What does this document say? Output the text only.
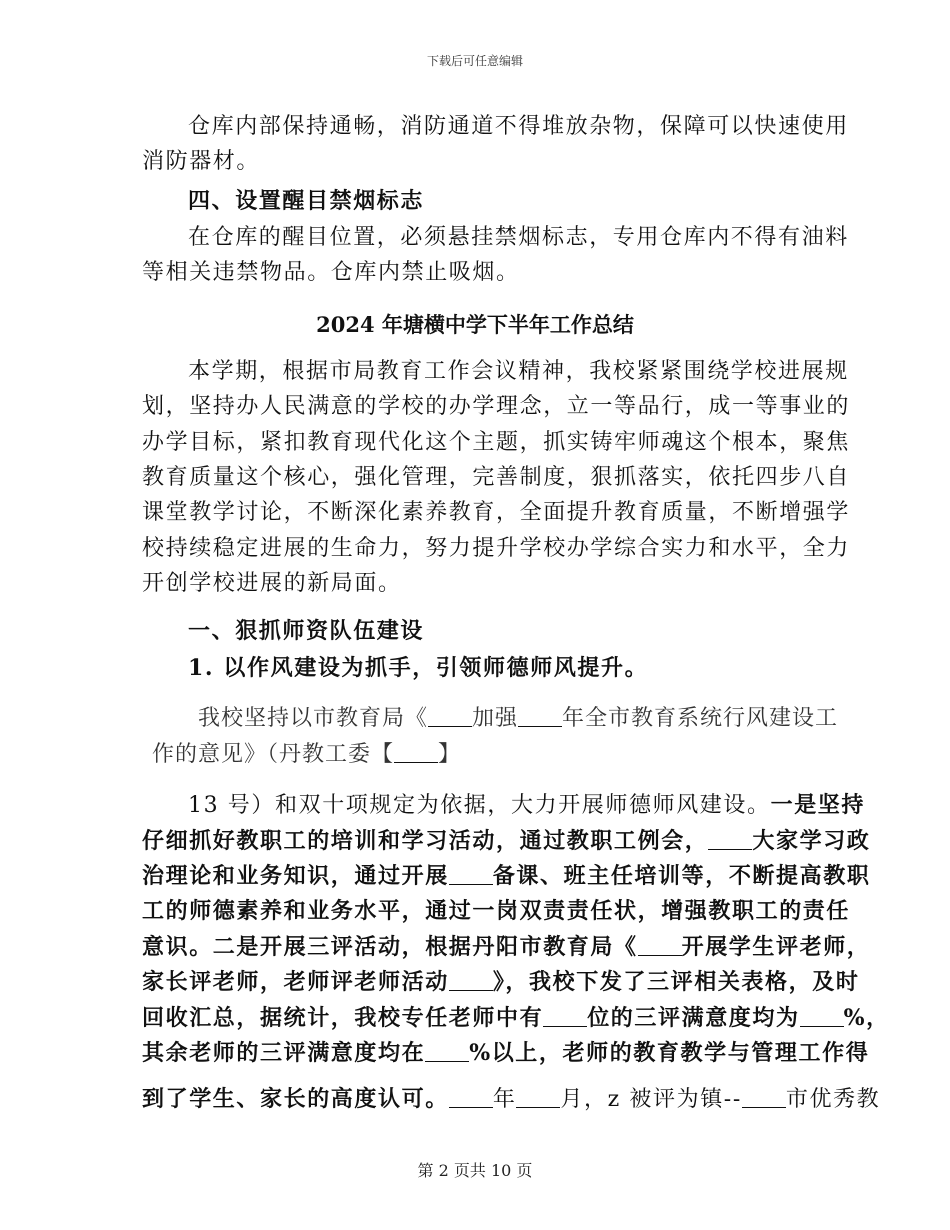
下载后可任意编辑
仓库内部保持通畅，消防通道不得堆放杂物，保障可以快速使用
消防器材。
四、设置醒目禁烟标志
在仓库的醒目位置，必须悬挂禁烟标志，专用仓库内不得有油料
等相关违禁物品。仓库内禁止吸烟。
2024 年塘横中学下半年工作总结
本学期，根据市局教育工作会议精神，我校紧紧围绕学校进展规
划，坚持办人民满意的学校的办学理念，立一等品行，成一等事业的
办学目标，紧扣教育现代化这个主题，抓实铸牢师魂这个根本，聚焦
教育质量这个核心，强化管理，完善制度，狠抓落实，依托四步八自
课堂教学讨论，不断深化素养教育，全面提升教育质量，不断增强学
校持续稳定进展的生命力，努力提升学校办学综合实力和水平，全力
开创学校进展的新局面。
一、狠抓师资队伍建设
1. 以作风建设为抓手，引领师德师风提升。
我校坚持以市教育局《 加强 年全市教育系统行风建设工
作的意见》（丹教工委【 】
13 号）和双十项规定为依据，大力开展师德师风建设。一是坚持
仔细抓好教职工的培训和学习活动，通过教职工例会， 大家学习政
治理论和业务知识，通过开展 备课、班主任培训等，不断提高教职
工的师德素养和业务水平，通过一岗双责责任状，增强教职工的责任
意识。二是开展三评活动，根据丹阳市教育局《 开展学生评老师，
家长评老师，老师评老师活动 》，我校下发了三评相关表格，及时
回收汇总，据统计，我校专任老师中有 位的三评满意度均为 %，
其余老师的三评满意度均在 %以上，老师的教育教学与管理工作得
到了学生、家长的高度认可。 年 月，z 被评为镇-- 市优秀教
第 2 页共 10 页
